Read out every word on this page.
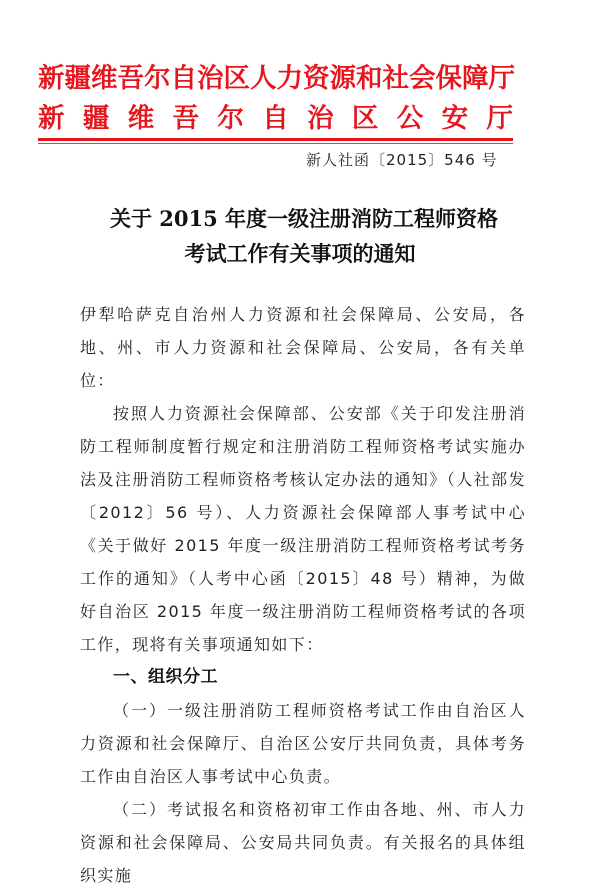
新疆维吾尔自治区人力资源和社会保障厅
新 疆 维 吾 尔 自 治 区 公 安 厅
新人社函〔2015〕546 号
关于 2015 年度一级注册消防工程师资格
考试工作有关事项的通知

伊犁哈萨克自治州人力资源和社会保障局、公安局，各地、州、市人力资源和社会保障局、公安局，各有关单位：

按照人力资源社会保障部、公安部《关于印发注册消防工程师制度暂行规定和注册消防工程师资格考试实施办法及注册消防工程师资格考核认定办法的通知》（人社部发〔2012〕56 号）、人力资源社会保障部人事考试中心《关于做好 2015 年度一级注册消防工程师资格考试考务工作的通知》（人考中心函〔2015〕48 号）精神，为做好自治区 2015 年度一级注册消防工程师资格考试的各项工作，现将有关事项通知如下：

一、组织分工

（一）一级注册消防工程师资格考试工作由自治区人力资源和社会保障厅、自治区公安厅共同负责，具体考务工作由自治区人事考试中心负责。

（二）考试报名和资格初审工作由各地、州、市人力资源和社会保障局、公安局共同负责。有关报名的具体组织实施
